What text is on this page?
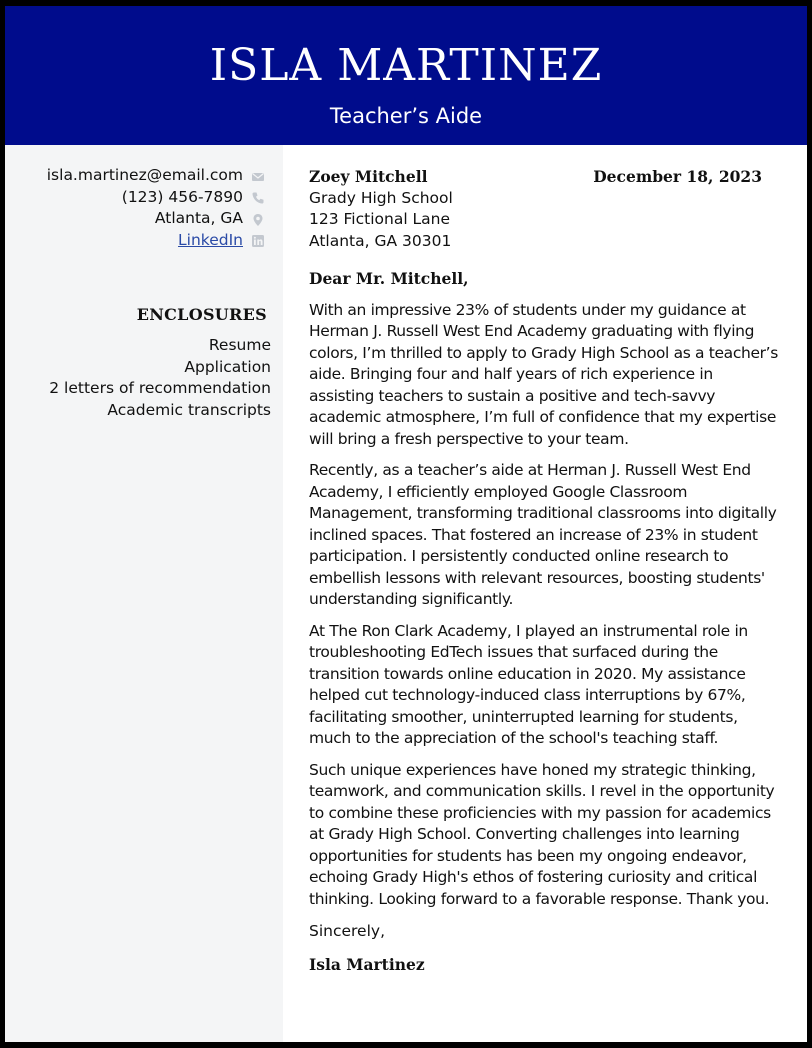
ISLA MARTINEZ
Teacher’s Aide
isla.martinez@email.com
(123) 456-7890
Atlanta, GA
LinkedIn
ENCLOSURES
Resume
Application
2 letters of recommendation
Academic transcripts
December 18, 2023
Zoey Mitchell
Grady High School
123 Fictional Lane
Atlanta, GA 30301
Dear Mr. Mitchell,
With an impressive 23% of students under my guidance at Herman J. Russell West End Academy graduating with flying colors, I’m thrilled to apply to Grady High School as a teacher’s aide. Bringing four and half years of rich experience in assisting teachers to sustain a positive and tech-savvy academic atmosphere, I’m full of confidence that my expertise will bring a fresh perspective to your team.
Recently, as a teacher’s aide at Herman J. Russell West End Academy, I efficiently employed Google Classroom Management, transforming traditional classrooms into digitally inclined spaces. That fostered an increase of 23% in student participation. I persistently conducted online research to embellish lessons with relevant resources, boosting students' understanding significantly.
At The Ron Clark Academy, I played an instrumental role in troubleshooting EdTech issues that surfaced during the transition towards online education in 2020. My assistance helped cut technology-induced class interruptions by 67%, facilitating smoother, uninterrupted learning for students, much to the appreciation of the school's teaching staff.
Such unique experiences have honed my strategic thinking, teamwork, and communication skills. I revel in the opportunity to combine these proficiencies with my passion for academics at Grady High School. Converting challenges into learning opportunities for students has been my ongoing endeavor, echoing Grady High's ethos of fostering curiosity and critical thinking. Looking forward to a favorable response. Thank you.
Sincerely,
Isla Martinez
